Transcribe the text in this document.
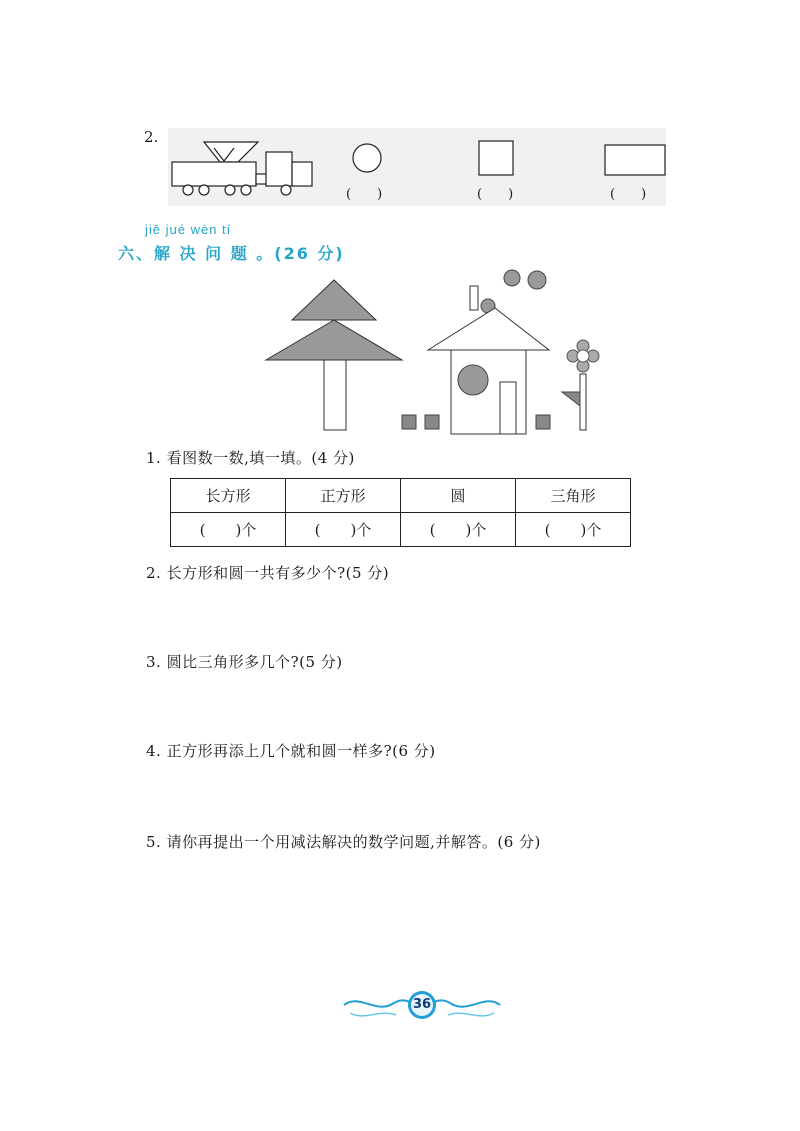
2.
(　　)	(　　)	(　　)
jiě jué wèn tí
六、解 决 问 题 。(26 分)
1. 看图数一数,填一填。(4 分)
长方形	正方形	圆	三角形
(　　)个	(　　)个	(　　)个	(　　)个
2. 长方形和圆一共有多少个?(5 分)
3. 圆比三角形多几个?(5 分)
4. 正方形再添上几个就和圆一样多?(6 分)
5. 请你再提出一个用减法解决的数学问题,并解答。(6 分)
36
